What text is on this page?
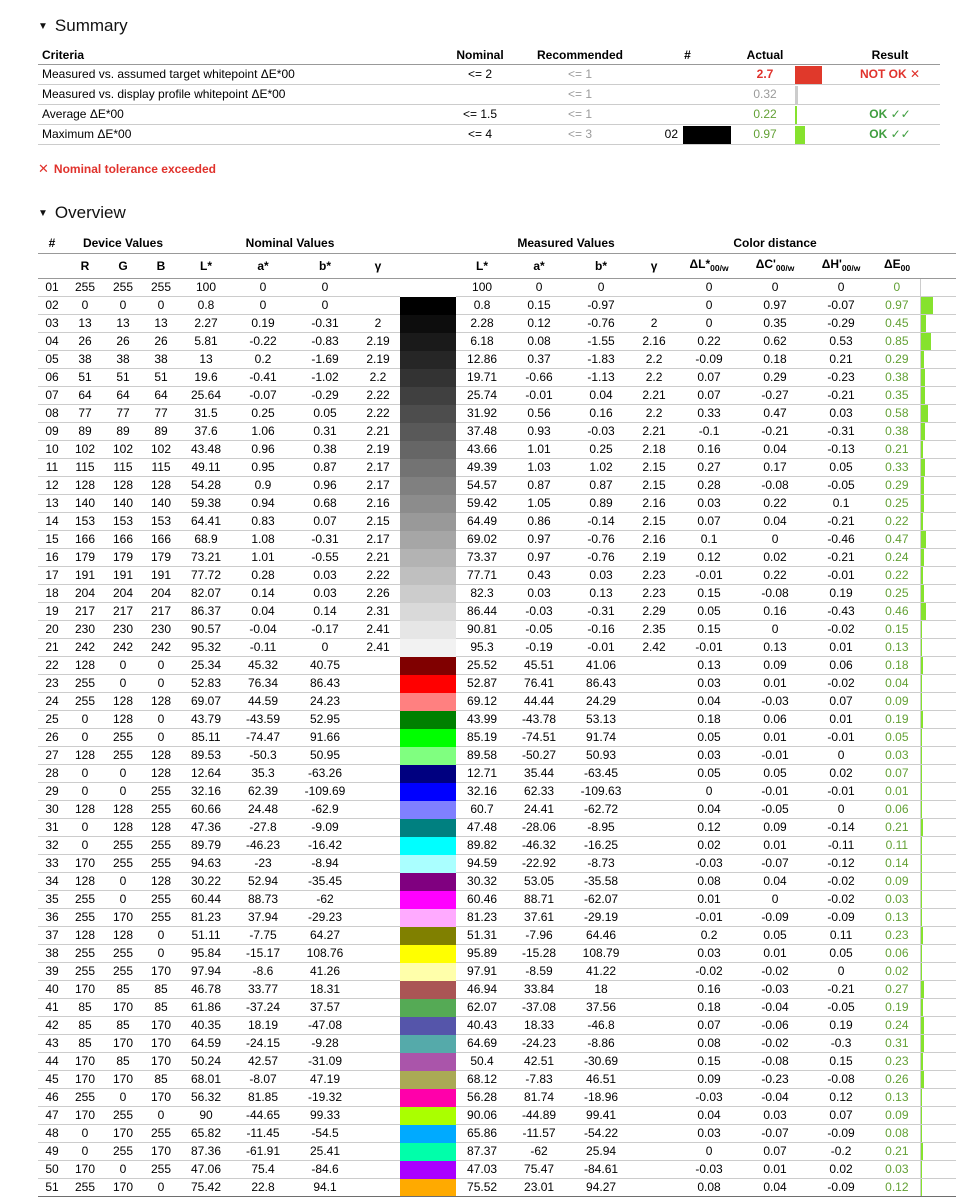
▼ Summary
Criteria	Nominal	Recommended	#	Actual		Result
Measured vs. assumed target whitepoint ΔE*00	<= 2	<= 1		2.7		NOT OK ✕
Measured vs. display profile whitepoint ΔE*00		<= 1		0.32	

Average ΔE*00	<= 1.5	<= 1		0.22		OK ✓✓
Maximum ΔE*00	<= 4	<= 3	02	0.97		OK ✓✓
✕ Nominal tolerance exceeded
▼ Overview
#	Device Values			Nominal Values					Measured Values				Color distance				
	R	G	B	L*	a*	b*	γ		L*	a*	b*	γ	$\Delta L*_{00/w}$	$\Delta C'_{00/w}$	$\Delta H'_{00/w}$	$\Delta E_{00}$	
01	255	255	255	100	0	0			100	0	0		0	0	0	0	

02	0	0	0	0.8	0	0			0.8	0.15	-0.97		0	0.97	-0.07	0.97	

03	13	13	13	2.27	0.19	-0.31	2		2.28	0.12	-0.76	2	0	0.35	-0.29	0.45	

04	26	26	26	5.81	-0.22	-0.83	2.19		6.18	0.08	-1.55	2.16	0.22	0.62	0.53	0.85	

05	38	38	38	13	0.2	-1.69	2.19		12.86	0.37	-1.83	2.2	-0.09	0.18	0.21	0.29	

06	51	51	51	19.6	-0.41	-1.02	2.2		19.71	-0.66	-1.13	2.2	0.07	0.29	-0.23	0.38	

07	64	64	64	25.64	-0.07	-0.29	2.22		25.74	-0.01	0.04	2.21	0.07	-0.27	-0.21	0.35	

08	77	77	77	31.5	0.25	0.05	2.22		31.92	0.56	0.16	2.2	0.33	0.47	0.03	0.58	

09	89	89	89	37.6	1.06	0.31	2.21		37.48	0.93	-0.03	2.21	-0.1	-0.21	-0.31	0.38	

10	102	102	102	43.48	0.96	0.38	2.19		43.66	1.01	0.25	2.18	0.16	0.04	-0.13	0.21	

11	115	115	115	49.11	0.95	0.87	2.17		49.39	1.03	1.02	2.15	0.27	0.17	0.05	0.33	

12	128	128	128	54.28	0.9	0.96	2.17		54.57	0.87	0.87	2.15	0.28	-0.08	-0.05	0.29	

13	140	140	140	59.38	0.94	0.68	2.16		59.42	1.05	0.89	2.16	0.03	0.22	0.1	0.25	

14	153	153	153	64.41	0.83	0.07	2.15		64.49	0.86	-0.14	2.15	0.07	0.04	-0.21	0.22	

15	166	166	166	68.9	1.08	-0.31	2.17		69.02	0.97	-0.76	2.16	0.1	0	-0.46	0.47	

16	179	179	179	73.21	1.01	-0.55	2.21		73.37	0.97	-0.76	2.19	0.12	0.02	-0.21	0.24	

17	191	191	191	77.72	0.28	0.03	2.22		77.71	0.43	0.03	2.23	-0.01	0.22	-0.01	0.22	

18	204	204	204	82.07	0.14	0.03	2.26		82.3	0.03	0.13	2.23	0.15	-0.08	0.19	0.25	

19	217	217	217	86.37	0.04	0.14	2.31		86.44	-0.03	-0.31	2.29	0.05	0.16	-0.43	0.46	

20	230	230	230	90.57	-0.04	-0.17	2.41		90.81	-0.05	-0.16	2.35	0.15	0	-0.02	0.15	

21	242	242	242	95.32	-0.11	0	2.41		95.3	-0.19	-0.01	2.42	-0.01	0.13	0.01	0.13	

22	128	0	0	25.34	45.32	40.75			25.52	45.51	41.06		0.13	0.09	0.06	0.18	

23	255	0	0	52.83	76.34	86.43			52.87	76.41	86.43		0.03	0.01	-0.02	0.04	

24	255	128	128	69.07	44.59	24.23			69.12	44.44	24.29		0.04	-0.03	0.07	0.09	

25	0	128	0	43.79	-43.59	52.95			43.99	-43.78	53.13		0.18	0.06	0.01	0.19	

26	0	255	0	85.11	-74.47	91.66			85.19	-74.51	91.74		0.05	0.01	-0.01	0.05	

27	128	255	128	89.53	-50.3	50.95			89.58	-50.27	50.93		0.03	-0.01	0	0.03	

28	0	0	128	12.64	35.3	-63.26			12.71	35.44	-63.45		0.05	0.05	0.02	0.07	

29	0	0	255	32.16	62.39	-109.69			32.16	62.33	-109.63		0	-0.01	-0.01	0.01	

30	128	128	255	60.66	24.48	-62.9			60.7	24.41	-62.72		0.04	-0.05	0	0.06	

31	0	128	128	47.36	-27.8	-9.09			47.48	-28.06	-8.95		0.12	0.09	-0.14	0.21	

32	0	255	255	89.79	-46.23	-16.42			89.82	-46.32	-16.25		0.02	0.01	-0.11	0.11	

33	170	255	255	94.63	-23	-8.94			94.59	-22.92	-8.73		-0.03	-0.07	-0.12	0.14	

34	128	0	128	30.22	52.94	-35.45			30.32	53.05	-35.58		0.08	0.04	-0.02	0.09	

35	255	0	255	60.44	88.73	-62			60.46	88.71	-62.07		0.01	0	-0.02	0.03	

36	255	170	255	81.23	37.94	-29.23			81.23	37.61	-29.19		-0.01	-0.09	-0.09	0.13	

37	128	128	0	51.11	-7.75	64.27			51.31	-7.96	64.46		0.2	0.05	0.11	0.23	

38	255	255	0	95.84	-15.17	108.76			95.89	-15.28	108.79		0.03	0.01	0.05	0.06	

39	255	255	170	97.94	-8.6	41.26			97.91	-8.59	41.22		-0.02	-0.02	0	0.02	

40	170	85	85	46.78	33.77	18.31			46.94	33.84	18		0.16	-0.03	-0.21	0.27	

41	85	170	85	61.86	-37.24	37.57			62.07	-37.08	37.56		0.18	-0.04	-0.05	0.19	

42	85	85	170	40.35	18.19	-47.08			40.43	18.33	-46.8		0.07	-0.06	0.19	0.24	

43	85	170	170	64.59	-24.15	-9.28			64.69	-24.23	-8.86		0.08	-0.02	-0.3	0.31	

44	170	85	170	50.24	42.57	-31.09			50.4	42.51	-30.69		0.15	-0.08	0.15	0.23	

45	170	170	85	68.01	-8.07	47.19			68.12	-7.83	46.51		0.09	-0.23	-0.08	0.26	

46	255	0	170	56.32	81.85	-19.32			56.28	81.74	-18.96		-0.03	-0.04	0.12	0.13	

47	170	255	0	90	-44.65	99.33			90.06	-44.89	99.41		0.04	0.03	0.07	0.09	

48	0	170	255	65.82	-11.45	-54.5			65.86	-11.57	-54.22		0.03	-0.07	-0.09	0.08	

49	0	255	170	87.36	-61.91	25.41			87.37	-62	25.94		0	0.07	-0.2	0.21	

50	170	0	255	47.06	75.4	-84.6			47.03	75.47	-84.61		-0.03	0.01	0.02	0.03	

51	255	170	0	75.42	22.8	94.1			75.52	23.01	94.27		0.08	0.04	-0.09	0.12	
